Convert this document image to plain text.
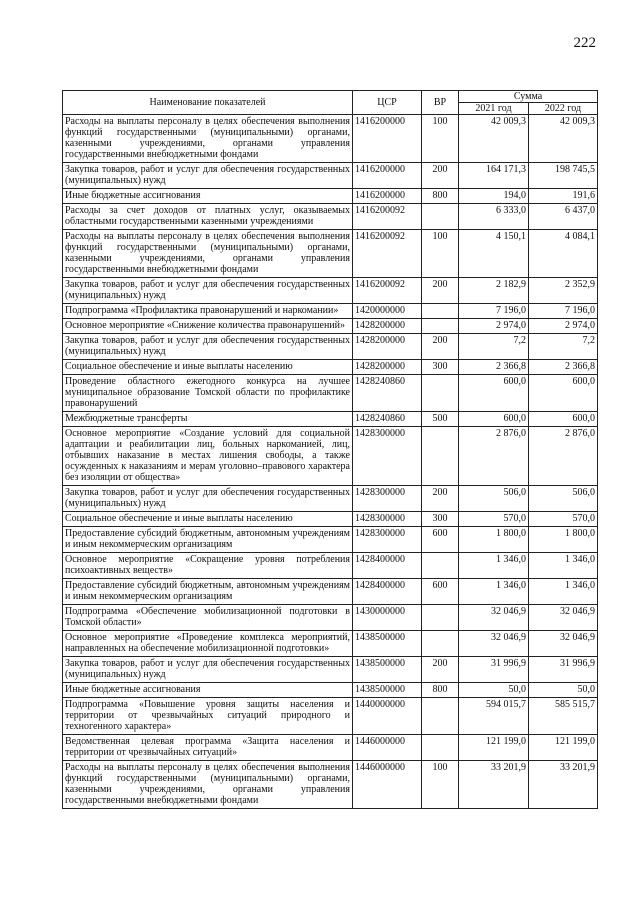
222
Наименование показателей	ЦСР	ВР	Сумма	
			2021 год	2022 год
Расходы на выплаты персоналу в целях обеспечения выполнения функций государственными (муниципальными) органами, казенными учреждениями, органами управления государственными внебюджетными фондами	1416200000	100	42 009,3	42 009,3
Закупка товаров, работ и услуг для обеспечения государственных (муниципальных) нужд	1416200000	200	164 171,3	198 745,5
Иные бюджетные ассигнования	1416200000	800	194,0	191,6
Расходы за счет доходов от платных услуг, оказываемых областными государственными казенными учреждениями	1416200092		6 333,0	6 437,0
Расходы на выплаты персоналу в целях обеспечения выполнения функций государственными (муниципальными) органами, казенными учреждениями, органами управления государственными внебюджетными фондами	1416200092	100	4 150,1	4 084,1
Закупка товаров, работ и услуг для обеспечения государственных (муниципальных) нужд	1416200092	200	2 182,9	2 352,9
Подпрограмма «Профилактика правонарушений и наркомании»	1420000000		7 196,0	7 196,0
Основное мероприятие «Снижение количества правонарушений»	1428200000		2 974,0	2 974,0
Закупка товаров, работ и услуг для обеспечения государственных (муниципальных) нужд	1428200000	200	7,2	7,2
Социальное обеспечение и иные выплаты населению	1428200000	300	2 366,8	2 366,8
Проведение областного ежегодного конкурса на лучшее муниципальное образование Томской области по профилактике правонарушений	1428240860		600,0	600,0
Межбюджетные трансферты	1428240860	500	600,0	600,0
Основное мероприятие «Создание условий для социальной адаптации и реабилитации лиц, больных наркоманией, лиц, отбывших наказание в местах лишения свободы, а также осужденных к наказаниям и мерам уголовно–правового характера без изоляции от общества»	1428300000		2 876,0	2 876,0
Закупка товаров, работ и услуг для обеспечения государственных (муниципальных) нужд	1428300000	200	506,0	506,0
Социальное обеспечение и иные выплаты населению	1428300000	300	570,0	570,0
Предоставление субсидий бюджетным, автономным учреждениям и иным некоммерческим организациям	1428300000	600	1 800,0	1 800,0
Основное мероприятие «Сокращение уровня потребления психоактивных веществ»	1428400000		1 346,0	1 346,0
Предоставление субсидий бюджетным, автономным учреждениям и иным некоммерческим организациям	1428400000	600	1 346,0	1 346,0
Подпрограмма «Обеспечение мобилизационной подготовки в Томской области»	1430000000		32 046,9	32 046,9
Основное мероприятие «Проведение комплекса мероприятий, направленных на обеспечение мобилизационной подготовки»	1438500000		32 046,9	32 046,9
Закупка товаров, работ и услуг для обеспечения государственных (муниципальных) нужд	1438500000	200	31 996,9	31 996,9
Иные бюджетные ассигнования	1438500000	800	50,0	50,0
Подпрограмма «Повышение уровня защиты населения и территории от чрезвычайных ситуаций природного и техногенного характера»	1440000000		594 015,7	585 515,7
Ведомственная целевая программа «Защита населения и территории от чрезвычайных ситуаций»	1446000000		121 199,0	121 199,0
Расходы на выплаты персоналу в целях обеспечения выполнения функций государственными (муниципальными) органами, казенными учреждениями, органами управления государственными внебюджетными фондами	1446000000	100	33 201,9	33 201,9
